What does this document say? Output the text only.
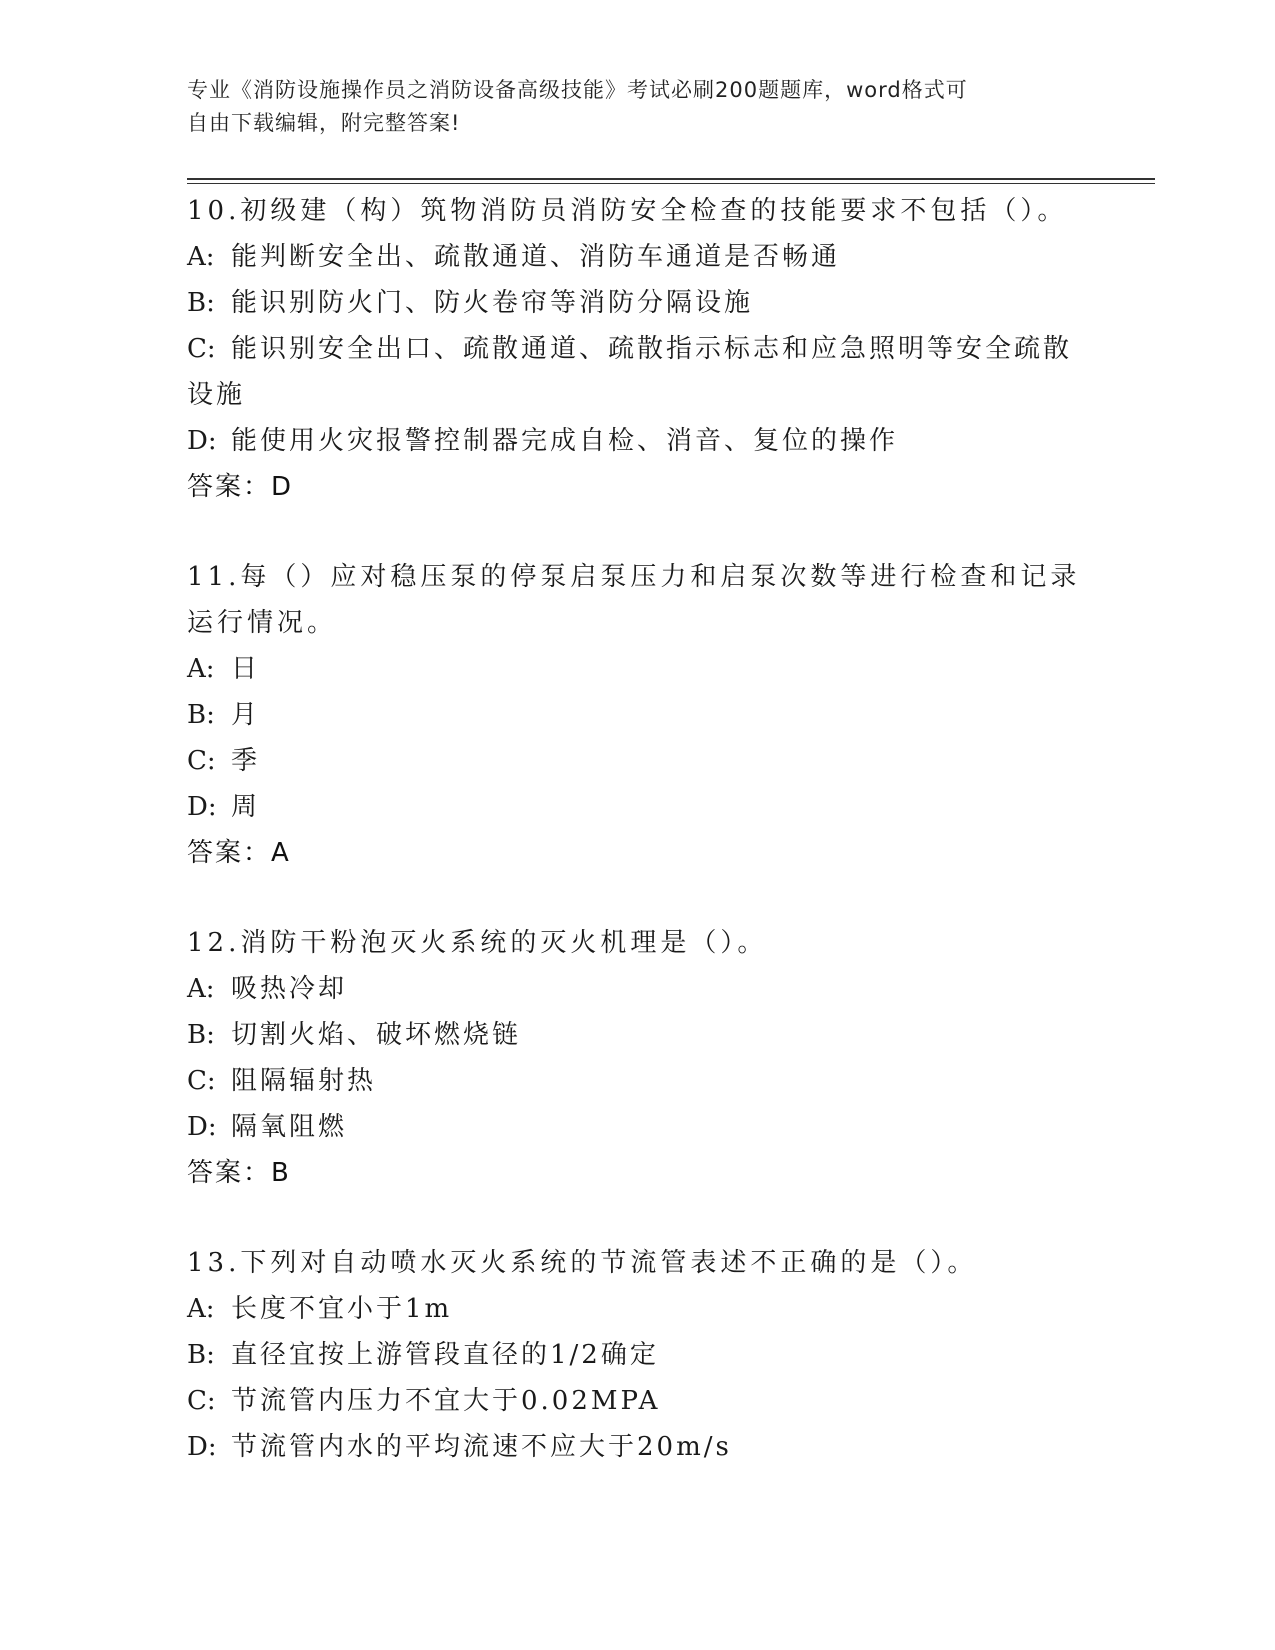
专业《消防设施操作员之消防设备高级技能》考试必刷200题题库，word格式可
自由下载编辑，附完整答案!
10.初级建（构）筑物消防员消防安全检查的技能要求不包括（）。
A: 能判断安全出、疏散通道、消防车通道是否畅通
B: 能识别防火门、防火卷帘等消防分隔设施
C: 能识别安全出口、疏散通道、疏散指示标志和应急照明等安全疏散设施
D: 能使用火灾报警控制器完成自检、消音、复位的操作
答案：D
11.每（）应对稳压泵的停泵启泵压力和启泵次数等进行检查和记录运行情况。
A: 日
B: 月
C: 季
D: 周
答案：A
12.消防干粉泡灭火系统的灭火机理是（）。
A: 吸热冷却
B: 切割火焰、破坏燃烧链
C: 阻隔辐射热
D: 隔氧阻燃
答案：B
13.下列对自动喷水灭火系统的节流管表述不正确的是（）。
A: 长度不宜小于1m
B: 直径宜按上游管段直径的1/2确定
C: 节流管内压力不宜大于0.02MPA
D: 节流管内水的平均流速不应大于20m/s
